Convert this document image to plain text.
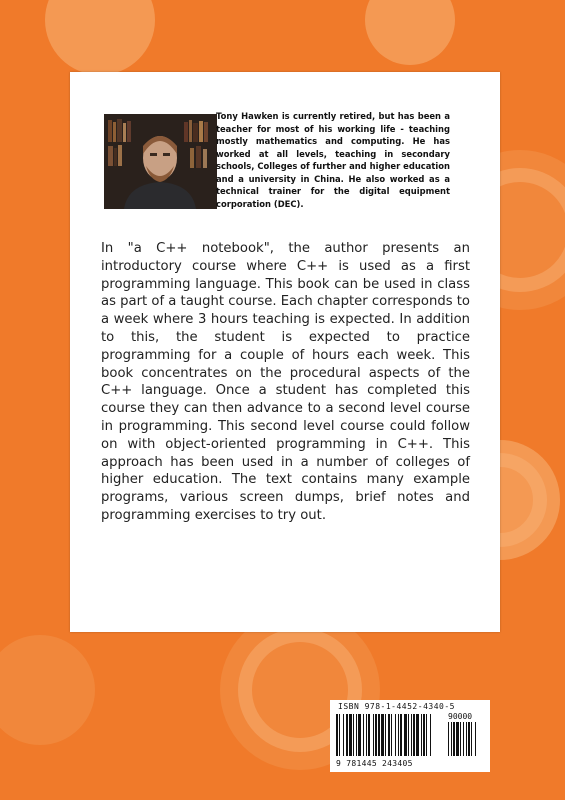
Tony Hawken is currently retired, but has been a teacher for most of his working life - teaching mostly mathematics and computing. He has worked at all levels, teaching in secondary schools, Colleges of further and higher education and a university in China. He also worked as a technical trainer for the digital equipment corporation (DEC).

In "a C++ notebook", the author presents an introductory course where C++ is used as a first programming language. This book can be used in class as part of a taught course. Each chapter corresponds to a week where 3 hours teaching is expected. In addition to this, the student is expected to practice programming for a couple of hours each week. This book concentrates on the procedural aspects of the C++ language. Once a student has completed this course they can then advance to a second level course in programming. This second level course could follow on with object-oriented programming in C++. This approach has been used in a number of colleges of higher education. The text contains many example programs, various screen dumps, brief notes and programming exercises to try out.

ISBN 978-1-4452-4340-5
90000
9 781445 243405
